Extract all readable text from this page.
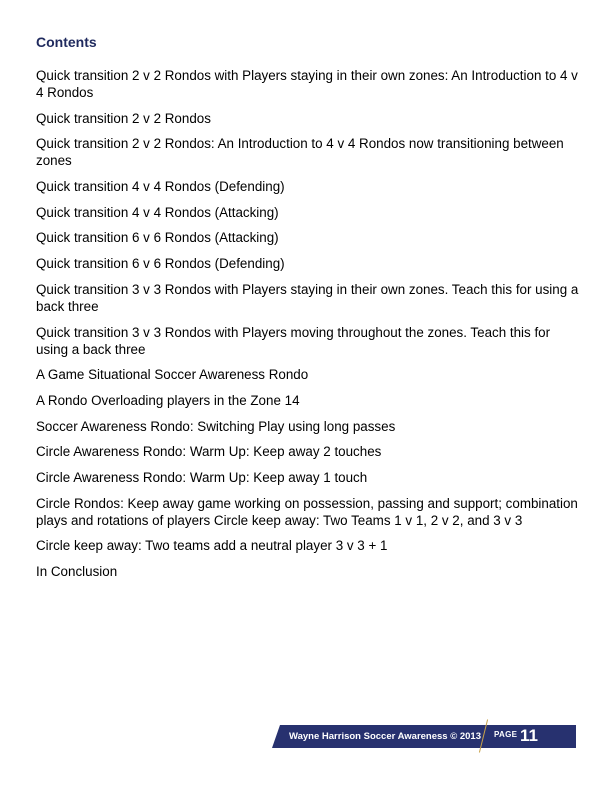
Contents
Quick transition 2 v 2 Rondos with Players staying in their own zones: An Introduction to 4 v 4 Rondos
Quick transition 2 v 2 Rondos
Quick transition 2 v 2 Rondos: An Introduction to 4 v 4 Rondos now transitioning between zones
Quick transition 4 v 4 Rondos (Defending)
Quick transition 4 v 4 Rondos (Attacking)
Quick transition 6 v 6 Rondos (Attacking)
Quick transition 6 v 6 Rondos (Defending)
Quick transition 3 v 3 Rondos with Players staying in their own zones. Teach this for using a back three
Quick transition 3 v 3 Rondos with Players moving throughout the zones. Teach this for using a back three
A Game Situational Soccer Awareness Rondo
A Rondo Overloading players in the Zone 14
Soccer Awareness Rondo: Switching Play using long passes
Circle Awareness Rondo: Warm Up: Keep away 2 touches
Circle Awareness Rondo: Warm Up: Keep away 1 touch
Circle Rondos: Keep away game working on possession, passing and support; combination plays and rotations of players Circle keep away: Two Teams 1 v 1, 2 v 2, and 3 v 3
Circle keep away: Two teams add a neutral player 3 v 3 + 1
In Conclusion
Wayne Harrison Soccer Awareness © 2013 PAGE 11
